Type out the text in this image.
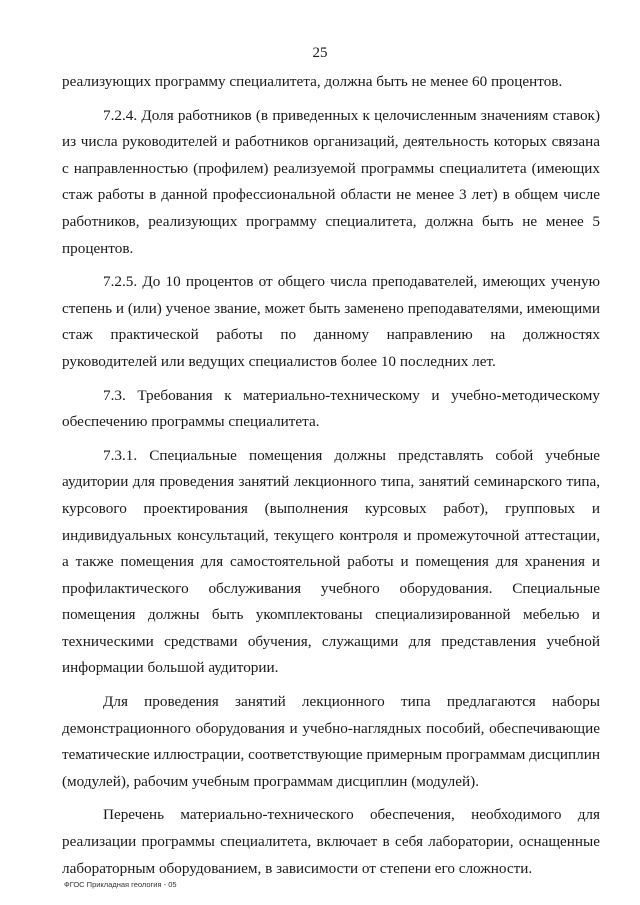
25

реализующих программу специалитета, должна быть не менее 60 процентов.

7.2.4. Доля работников (в приведенных к целочисленным значениям ставок) из числа руководителей и работников организаций, деятельность которых связана с направленностью (профилем) реализуемой программы специалитета (имеющих стаж работы в данной профессиональной области не менее 3 лет) в общем числе работников, реализующих программу специалитета, должна быть не менее 5 процентов.

7.2.5. До 10 процентов от общего числа преподавателей, имеющих ученую степень и (или) ученое звание, может быть заменено преподавателями, имеющими стаж практической работы по данному направлению на должностях руководителей или ведущих специалистов более 10 последних лет.

7.3. Требования к материально-техническому и учебно-методическому обеспечению программы специалитета.

7.3.1. Специальные помещения должны представлять собой учебные аудитории для проведения занятий лекционного типа, занятий семинарского типа, курсового проектирования (выполнения курсовых работ), групповых и индивидуальных консультаций, текущего контроля и промежуточной аттестации, а также помещения для самостоятельной работы и помещения для хранения и профилактического обслуживания учебного оборудования. Специальные помещения должны быть укомплектованы специализированной мебелью и техническими средствами обучения, служащими для представления учебной информации большой аудитории.

Для проведения занятий лекционного типа предлагаются наборы демонстрационного оборудования и учебно-наглядных пособий, обеспечивающие тематические иллюстрации, соответствующие примерным программам дисциплин (модулей), рабочим учебным программам дисциплин (модулей).

Перечень материально-технического обеспечения, необходимого для реализации программы специалитета, включает в себя лаборатории, оснащенные лабораторным оборудованием, в зависимости от степени его сложности.

ФГОС Прикладная геология - 05
